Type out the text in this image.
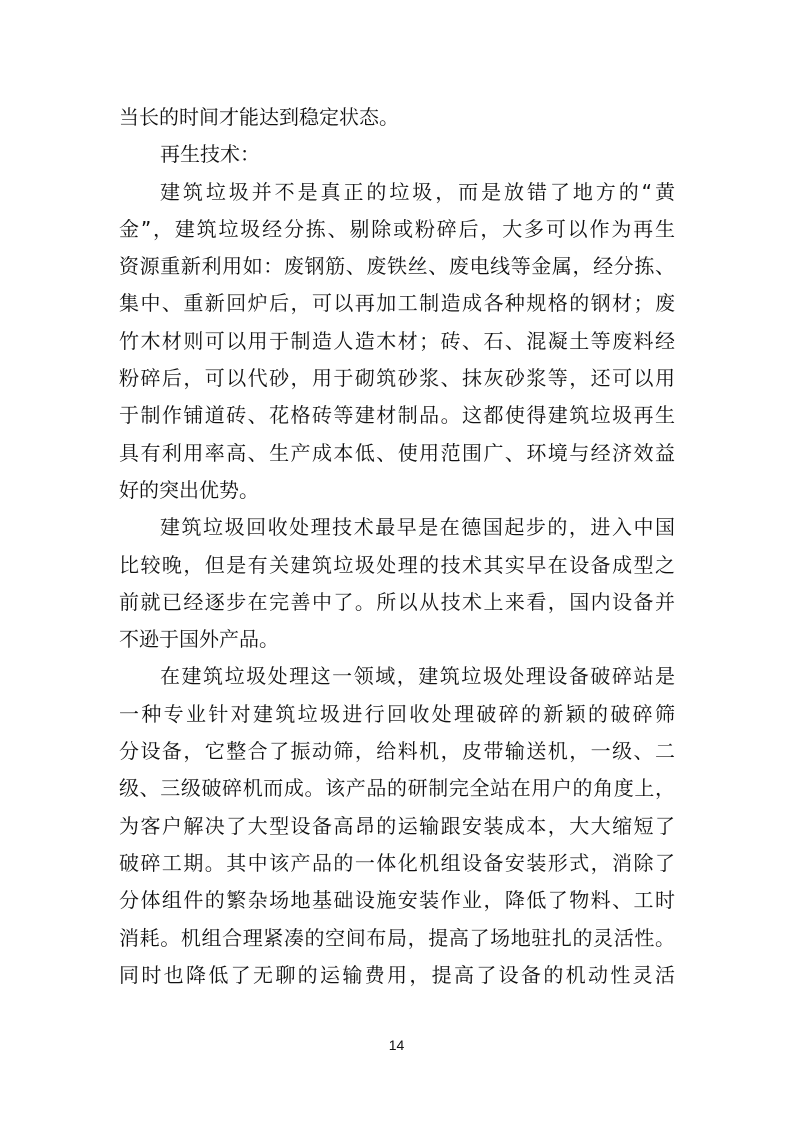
当长的时间才能达到稳定状态。
再生技术：
建筑垃圾并不是真正的垃圾，而是放错了地方的“黄
金”，建筑垃圾经分拣、剔除或粉碎后，大多可以作为再生
资源重新利用如：废钢筋、废铁丝、废电线等金属，经分拣、
集中、重新回炉后，可以再加工制造成各种规格的钢材；废
竹木材则可以用于制造人造木材；砖、石、混凝土等废料经
粉碎后，可以代砂，用于砌筑砂浆、抹灰砂浆等，还可以用
于制作铺道砖、花格砖等建材制品。这都使得建筑垃圾再生
具有利用率高、生产成本低、使用范围广、环境与经济效益
好的突出优势。
建筑垃圾回收处理技术最早是在德国起步的，进入中国
比较晚，但是有关建筑垃圾处理的技术其实早在设备成型之
前就已经逐步在完善中了。所以从技术上来看，国内设备并
不逊于国外产品。
在建筑垃圾处理这一领域，建筑垃圾处理设备破碎站是
一种专业针对建筑垃圾进行回收处理破碎的新颖的破碎筛
分设备，它整合了振动筛，给料机，皮带输送机，一级、二
级、三级破碎机而成。该产品的研制完全站在用户的角度上，
为客户解决了大型设备高昂的运输跟安装成本，大大缩短了
破碎工期。其中该产品的一体化机组设备安装形式，消除了
分体组件的繁杂场地基础设施安装作业，降低了物料、工时
消耗。机组合理紧凑的空间布局，提高了场地驻扎的灵活性。
同时也降低了无聊的运输费用，提高了设备的机动性灵活
14
